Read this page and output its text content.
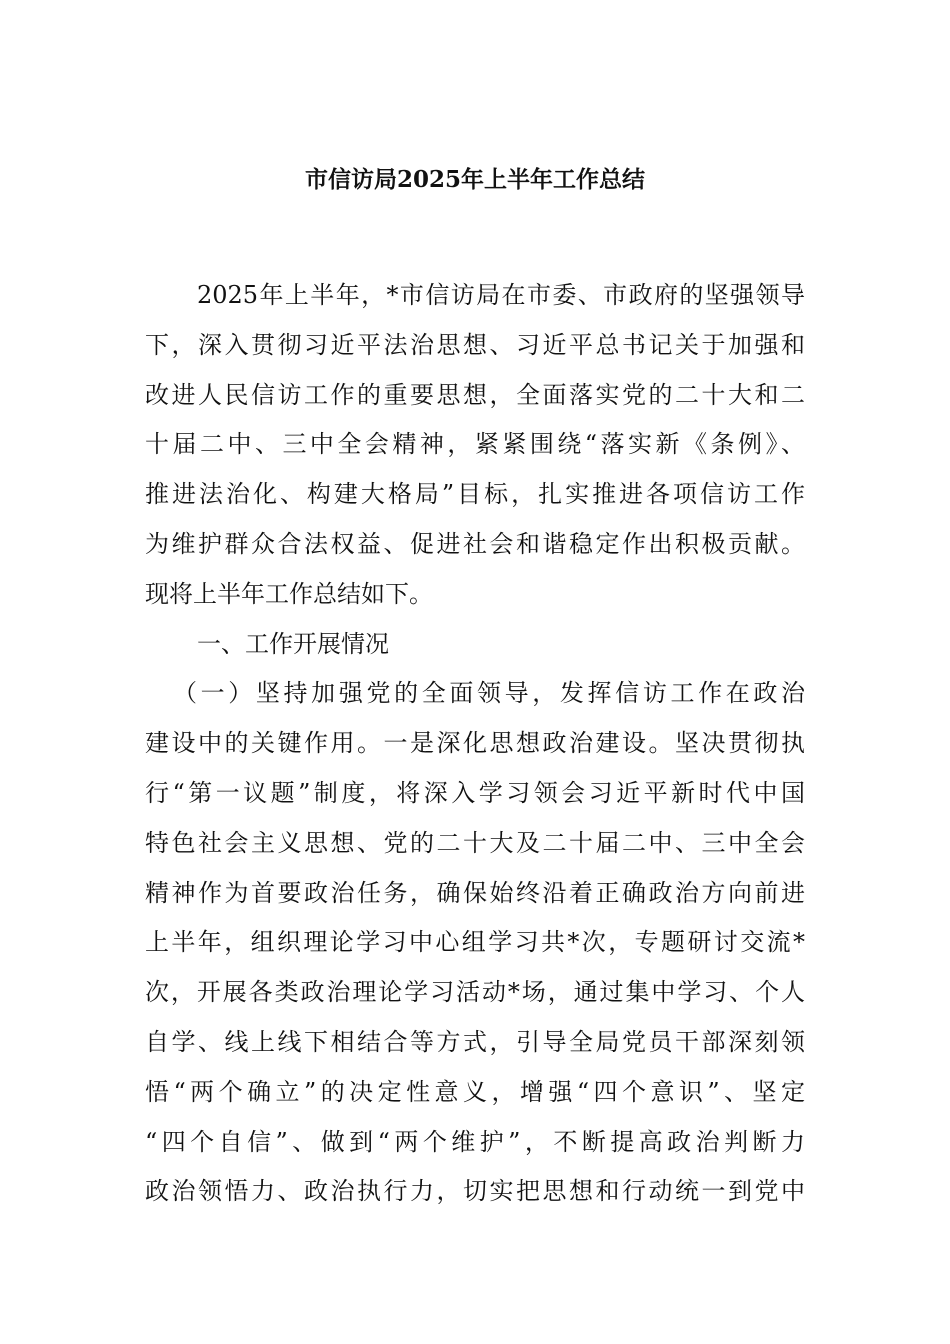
市信访局2025年上半年工作总结
2025年上半年，*市信访局在市委、市政府的坚强领导
下，深入贯彻习近平法治思想、习近平总书记关于加强和
改进人民信访工作的重要思想，全面落实党的二十大和二
十届二中、三中全会精神，紧紧围绕“落实新《条例》、
推进法治化、构建大格局”目标，扎实推进各项信访工作
为维护群众合法权益、促进社会和谐稳定作出积极贡献。
现将上半年工作总结如下。
一、工作开展情况
（一）坚持加强党的全面领导，发挥信访工作在政治
建设中的关键作用。一是深化思想政治建设。坚决贯彻执
行“第一议题”制度，将深入学习领会习近平新时代中国
特色社会主义思想、党的二十大及二十届二中、三中全会
精神作为首要政治任务，确保始终沿着正确政治方向前进
上半年，组织理论学习中心组学习共*次，专题研讨交流*
次，开展各类政治理论学习活动*场，通过集中学习、个人
自学、线上线下相结合等方式，引导全局党员干部深刻领
悟“两个确立”的决定性意义，增强“四个意识”、坚定
“四个自信”、做到“两个维护”，不断提高政治判断力
政治领悟力、政治执行力，切实把思想和行动统一到党中
